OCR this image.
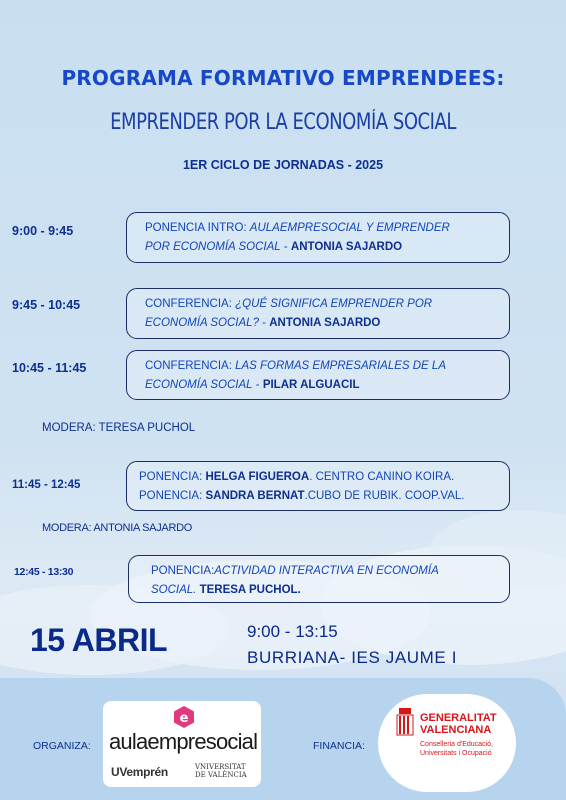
PROGRAMA FORMATIVO EMPRENDEES:
EMPRENDER POR LA ECONOMÍA SOCIAL
1ER CICLO DE JORNADAS - 2025
9:00 - 9:45	PONENCIA INTRO: AULAEMPRESOCIAL Y EMPRENDER
POR ECONOMÍA SOCIAL - ANTONIA SAJARDO
9:45 - 10:45	CONFERENCIA: ¿QUÉ SIGNIFICA EMPRENDER POR
ECONOMÍA SOCIAL? - ANTONIA SAJARDO
10:45 - 11:45	CONFERENCIA: LAS FORMAS EMPRESARIALES DE LA
ECONOMÍA SOCIAL - PILAR ALGUACIL
MODERA: TERESA PUCHOL
11:45 - 12:45
PONENCIA: HELGA FIGUEROA. CENTRO CANINO KOIRA.
PONENCIA: SANDRA BERNAT.CUBO DE RUBIK. COOP.VAL.
MODERA: ANTONIA SAJARDO
12:45 - 13:30	PONENCIA:ACTIVIDAD INTERACTIVA EN ECONOMÍA
SOCIAL. TERESA PUCHOL.
15 ABRIL	9:00 - 13:15
BURRIANA- IES JAUME I
ORGANIZA:	FINANCIA:
e
aulaempresocial
UVemprén	VNIVERSITAT DE VALÈNCIA
GENERALITAT
VALENCIANA
Conselleria d'Educació,
Universitats i Ocupació
